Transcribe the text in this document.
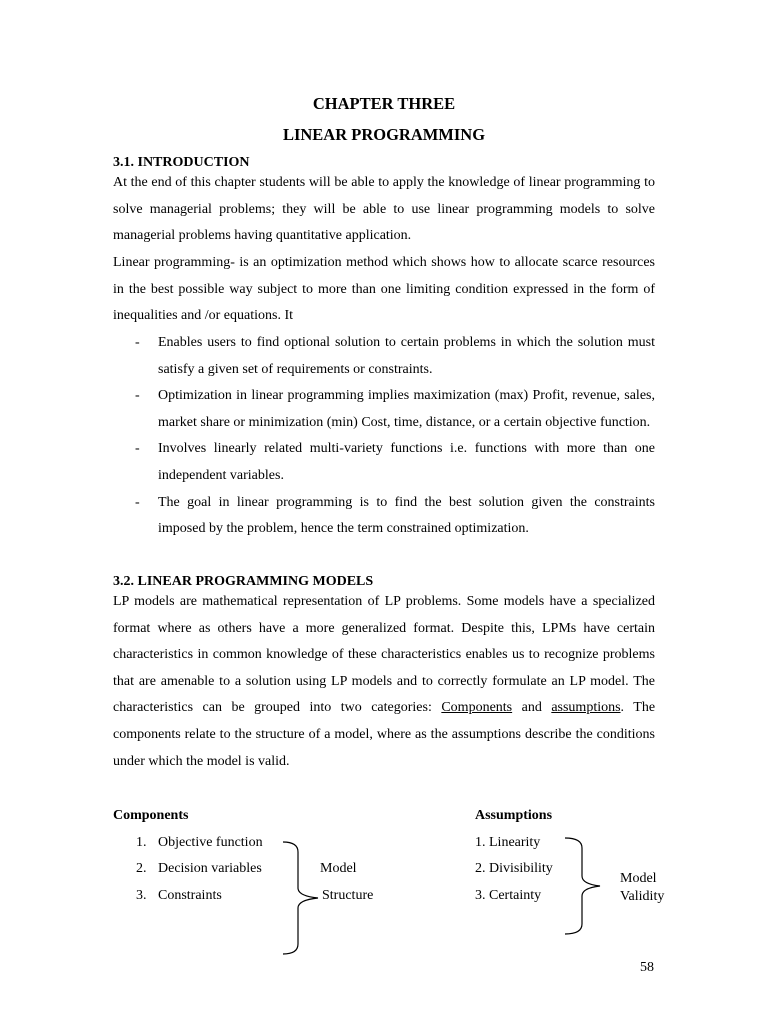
CHAPTER THREE
LINEAR PROGRAMMING
3.1. INTRODUCTION
At the end of this chapter students will be able to apply the knowledge of linear programming to solve managerial problems; they will be able to use linear programming models to solve managerial problems having quantitative application.
Linear programming- is an optimization method which shows how to allocate scarce resources in the best possible way subject to more than one limiting condition expressed in the form of inequalities and /or equations. It
- Enables users to find optional solution to certain problems in which the solution must satisfy a given set of requirements or constraints.
- Optimization in linear programming implies maximization (max) Profit, revenue, sales, market share or minimization (min) Cost, time, distance, or a certain objective function.
- Involves linearly related multi-variety functions i.e. functions with more than one independent variables.
- The goal in linear programming is to find the best solution given the constraints imposed by the problem, hence the term constrained optimization.
3.2. LINEAR PROGRAMMING MODELS
LP models are mathematical representation of LP problems. Some models have a specialized format where as others have a more generalized format. Despite this, LPMs have certain characteristics in common knowledge of these characteristics enables us to recognize problems that are amenable to a solution using LP models and to correctly formulate an LP model. The characteristics can be grouped into two categories: Components and assumptions. The components relate to the structure of a model, where as the assumptions describe the conditions under which the model is valid.
Components
1. Objective function
2. Decision variables
3. Constraints
Model
Structure
Assumptions
1. Linearity
2. Divisibility
3. Certainty
Model
Validity
58
